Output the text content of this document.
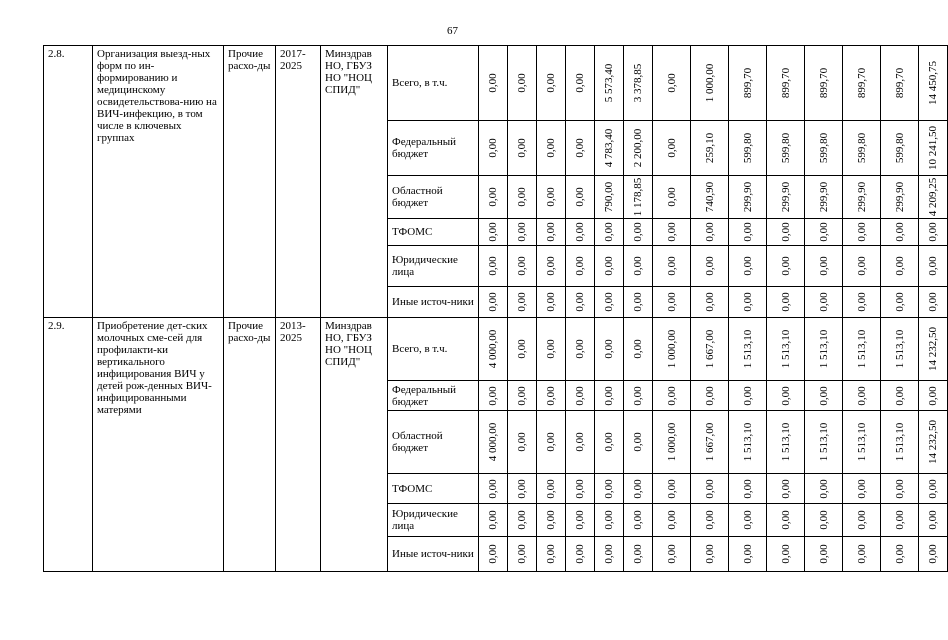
67
2.8.	Организация выезд-ных форм по ин-формированию и медицинскому освидетельствова-нию на ВИЧ-инфекцию, в том числе в ключевых группах	Прочие расхо-ды	2017-2025	Минздрав НО, ГБУЗ НО "НОЦ СПИД"	Всего, в т.ч.	0,00	0,00	0,00	0,00	5 573,40	3 378,85	0,00	1 000,00	899,70	899,70	899,70	899,70	899,70	14 450,75

					Федеральный бюджет	0,00	0,00	0,00	0,00	4 783,40	2 200,00	0,00	259,10	599,80	599,80	599,80	599,80	599,80	10 241,50

					Областной бюджет	0,00	0,00	0,00	0,00	790,00	1 178,85	0,00	740,90	299,90	299,90	299,90	299,90	299,90	4 209,25

					ТФОМС	0,00	0,00	0,00	0,00	0,00	0,00	0,00	0,00	0,00	0,00	0,00	0,00	0,00	0,00

					Юридические лица	0,00	0,00	0,00	0,00	0,00	0,00	0,00	0,00	0,00	0,00	0,00	0,00	0,00	0,00

					Иные источ-ники	0,00	0,00	0,00	0,00	0,00	0,00	0,00	0,00	0,00	0,00	0,00	0,00	0,00	0,00

2.9.	Приобретение дет-ских молочных сме-сей для профилакти-ки вертикального инфицирования ВИЧ у детей рож-денных ВИЧ-инфицированными матерями	Прочие расхо-ды	2013-2025	Минздрав НО, ГБУЗ НО "НОЦ СПИД"	Всего, в т.ч.	4 000,00	0,00	0,00	0,00	0,00	0,00	1 000,00	1 667,00	1 513,10	1 513,10	1 513,10	1 513,10	1 513,10	14 232,50

					Федеральный бюджет	0,00	0,00	0,00	0,00	0,00	0,00	0,00	0,00	0,00	0,00	0,00	0,00	0,00	0,00

					Областной бюджет	4 000,00	0,00	0,00	0,00	0,00	0,00	1 000,00	1 667,00	1 513,10	1 513,10	1 513,10	1 513,10	1 513,10	14 232,50

					ТФОМС	0,00	0,00	0,00	0,00	0,00	0,00	0,00	0,00	0,00	0,00	0,00	0,00	0,00	0,00

					Юридические лица	0,00	0,00	0,00	0,00	0,00	0,00	0,00	0,00	0,00	0,00	0,00	0,00	0,00	0,00

					Иные источ-ники	0,00	0,00	0,00	0,00	0,00	0,00	0,00	0,00	0,00	0,00	0,00	0,00	0,00	0,00
